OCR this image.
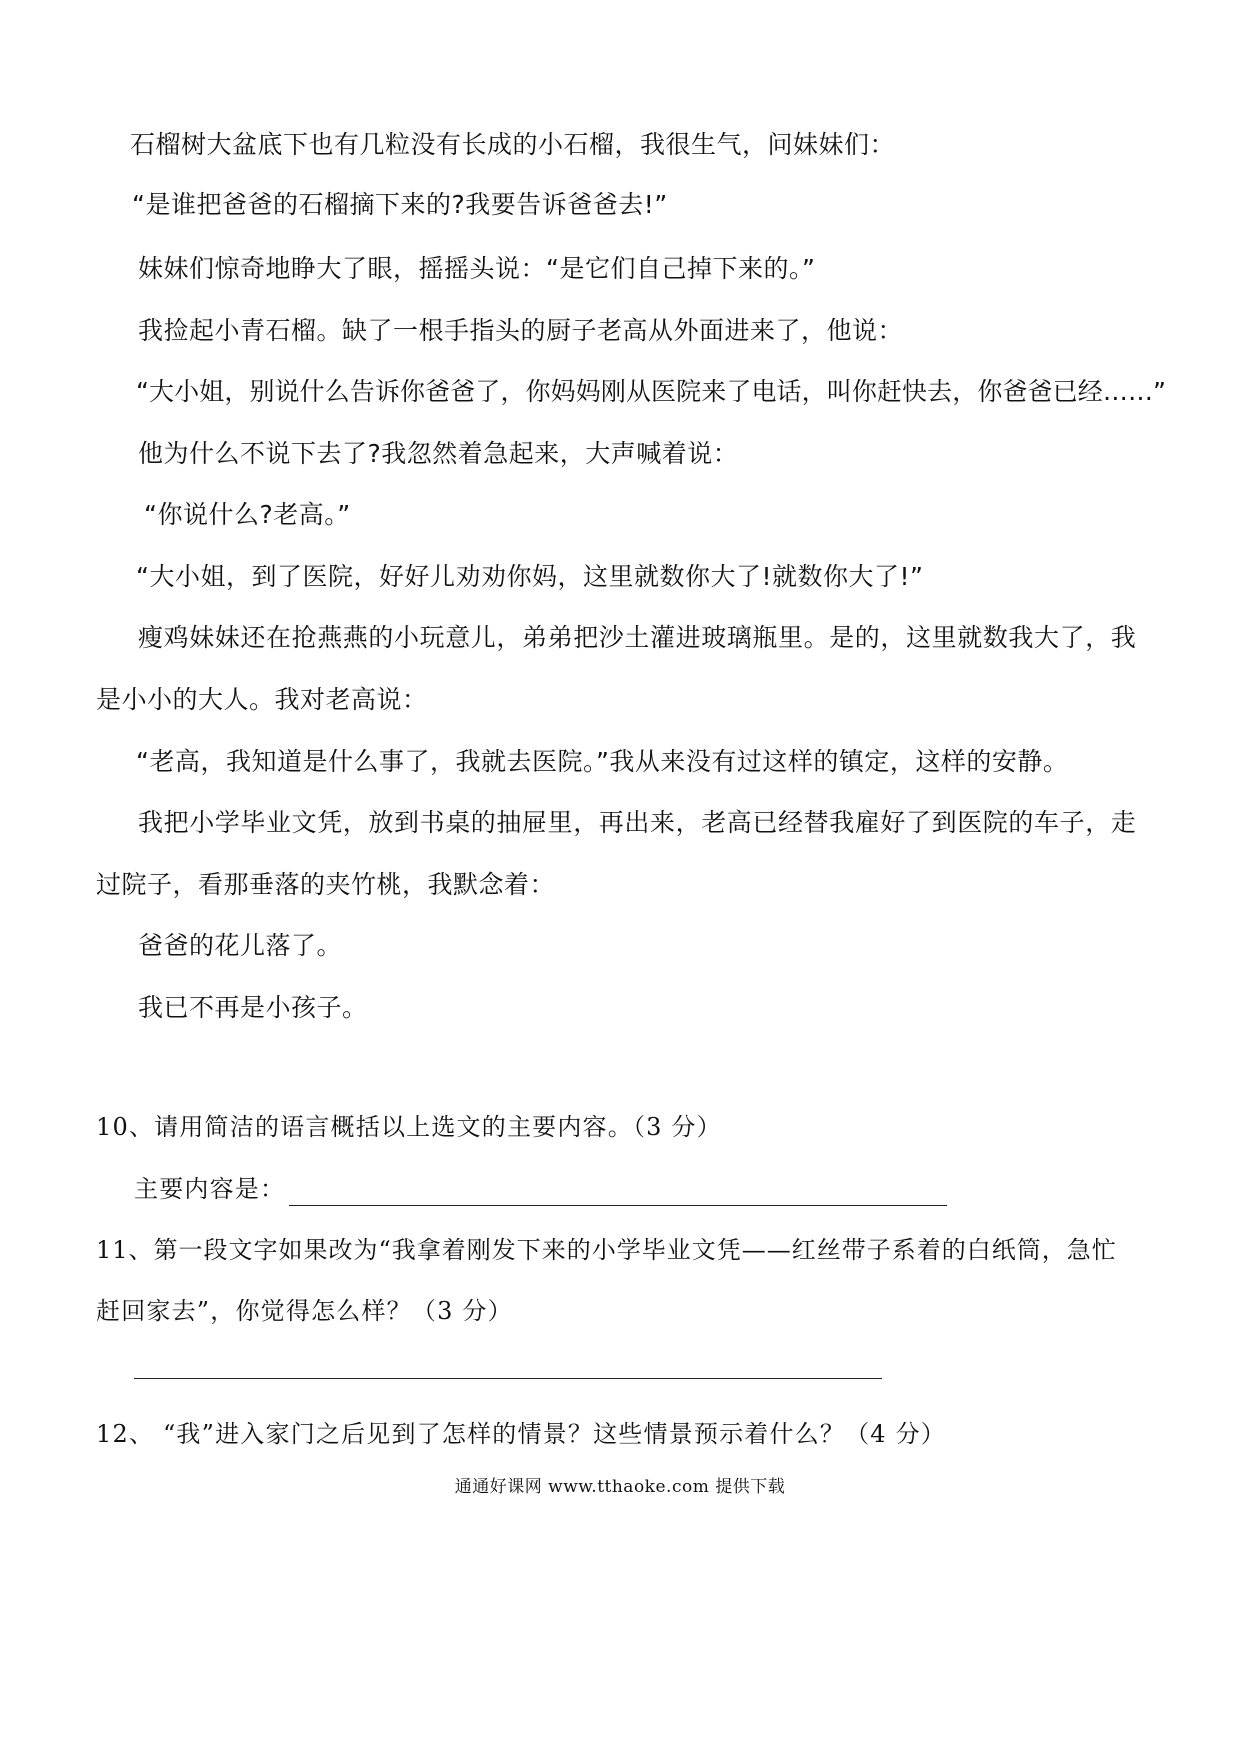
石榴树大盆底下也有几粒没有长成的小石榴，我很生气，问妹妹们：
“是谁把爸爸的石榴摘下来的?我要告诉爸爸去!”
妹妹们惊奇地睁大了眼，摇摇头说：“是它们自己掉下来的。”
我捡起小青石榴。缺了一根手指头的厨子老高从外面进来了，他说：
“大小姐，别说什么告诉你爸爸了，你妈妈刚从医院来了电话，叫你赶快去，你爸爸已经……”
他为什么不说下去了?我忽然着急起来，大声喊着说：
“你说什么?老高。”
“大小姐，到了医院，好好儿劝劝你妈，这里就数你大了!就数你大了!”
瘦鸡妹妹还在抢燕燕的小玩意儿，弟弟把沙土灌进玻璃瓶里。是的，这里就数我大了，我
是小小的大人。我对老高说：
“老高，我知道是什么事了，我就去医院。”我从来没有过这样的镇定，这样的安静。
我把小学毕业文凭，放到书桌的抽屉里，再出来，老高已经替我雇好了到医院的车子，走
过院子，看那垂落的夹竹桃，我默念着：
爸爸的花儿落了。
我已不再是小孩子。
10、请用简洁的语言概括以上选文的主要内容。（3 分）
主要内容是：
11、第一段文字如果改为“我拿着刚发下来的小学毕业文凭——红丝带子系着的白纸筒，急忙
赶回家去”，你觉得怎么样？（3 分）
12、 “我”进入家门之后见到了怎样的情景？这些情景预示着什么？（4 分）
通通好课网 www.tthaoke.com 提供下载
